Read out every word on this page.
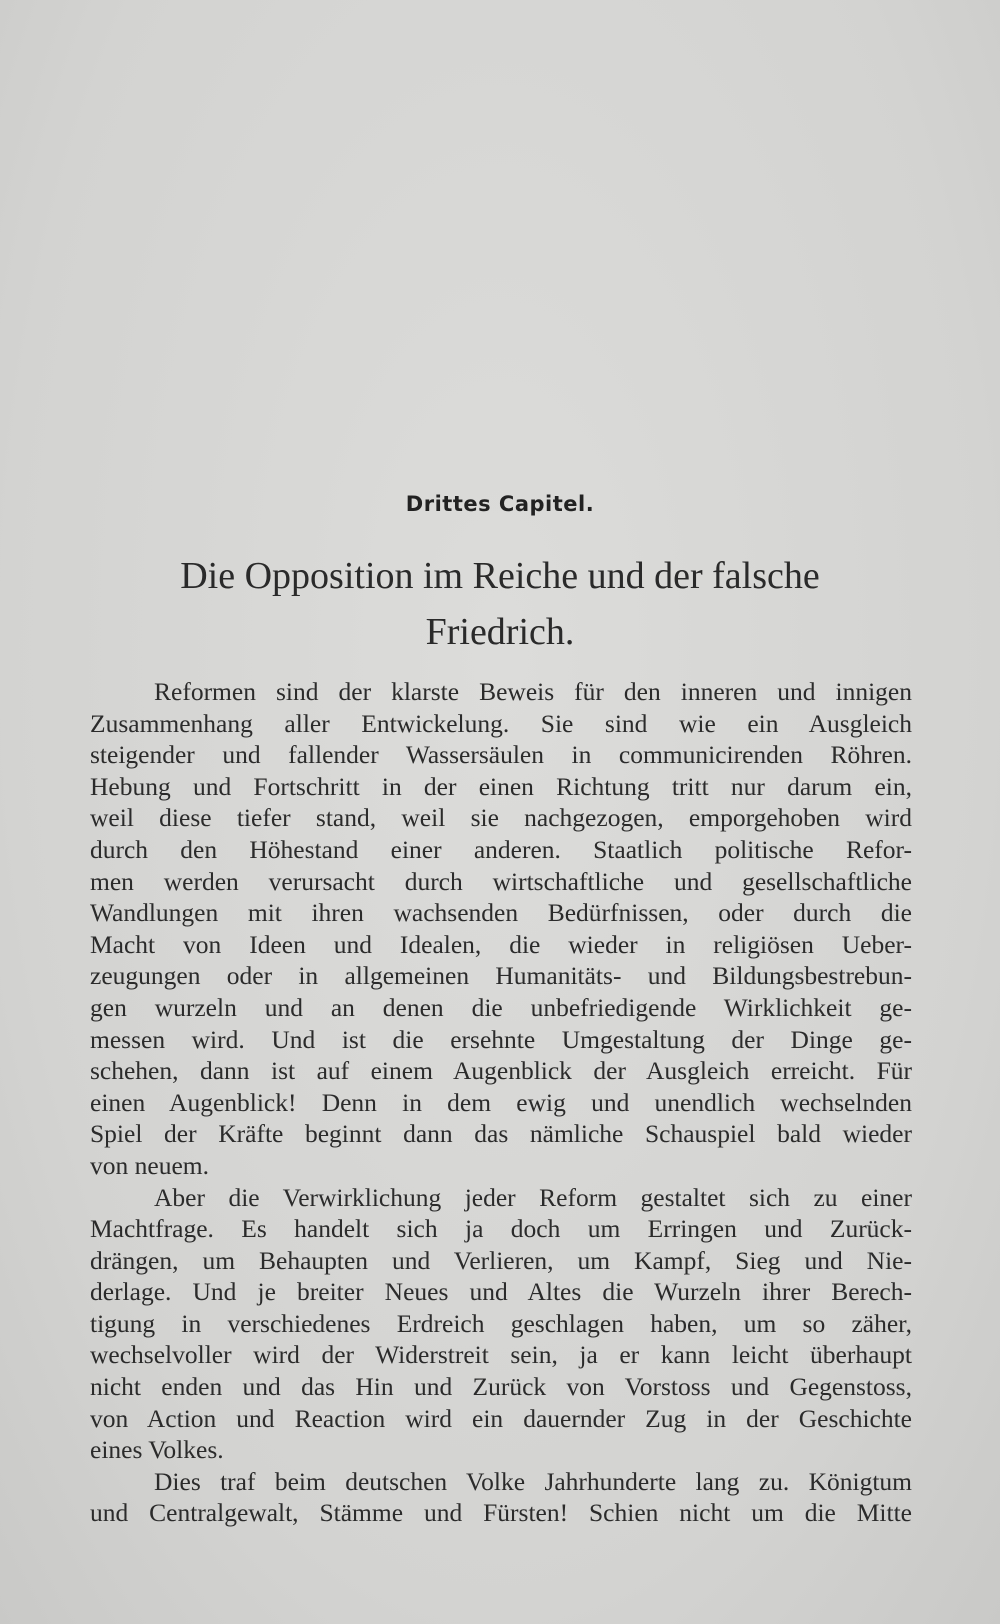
Drittes Capitel.
Die Opposition im Reiche und der falsche
Friedrich.
Reformen sind der klarste Beweis für den inneren und innigen
Zusammenhang aller Entwickelung. Sie sind wie ein Ausgleich
steigender und fallender Wassersäulen in communicirenden Röhren.
Hebung und Fortschritt in der einen Richtung tritt nur darum ein,
weil diese tiefer stand, weil sie nachgezogen, emporgehoben wird
durch den Höhestand einer anderen. Staatlich politische Refor-
men werden verursacht durch wirtschaftliche und gesellschaftliche
Wandlungen mit ihren wachsenden Bedürfnissen, oder durch die
Macht von Ideen und Idealen, die wieder in religiösen Ueber-
zeugungen oder in allgemeinen Humanitäts- und Bildungsbestrebun-
gen wurzeln und an denen die unbefriedigende Wirklichkeit ge-
messen wird. Und ist die ersehnte Umgestaltung der Dinge ge-
schehen, dann ist auf einem Augenblick der Ausgleich erreicht. Für
einen Augenblick! Denn in dem ewig und unendlich wechselnden
Spiel der Kräfte beginnt dann das nämliche Schauspiel bald wieder
von neuem.
Aber die Verwirklichung jeder Reform gestaltet sich zu einer
Machtfrage. Es handelt sich ja doch um Erringen und Zurück-
drängen, um Behaupten und Verlieren, um Kampf, Sieg und Nie-
derlage. Und je breiter Neues und Altes die Wurzeln ihrer Berech-
tigung in verschiedenes Erdreich geschlagen haben, um so zäher,
wechselvoller wird der Widerstreit sein, ja er kann leicht überhaupt
nicht enden und das Hin und Zurück von Vorstoss und Gegenstoss,
von Action und Reaction wird ein dauernder Zug in der Geschichte
eines Volkes.
Dies traf beim deutschen Volke Jahrhunderte lang zu. Königtum
und Centralgewalt, Stämme und Fürsten! Schien nicht um die Mitte
